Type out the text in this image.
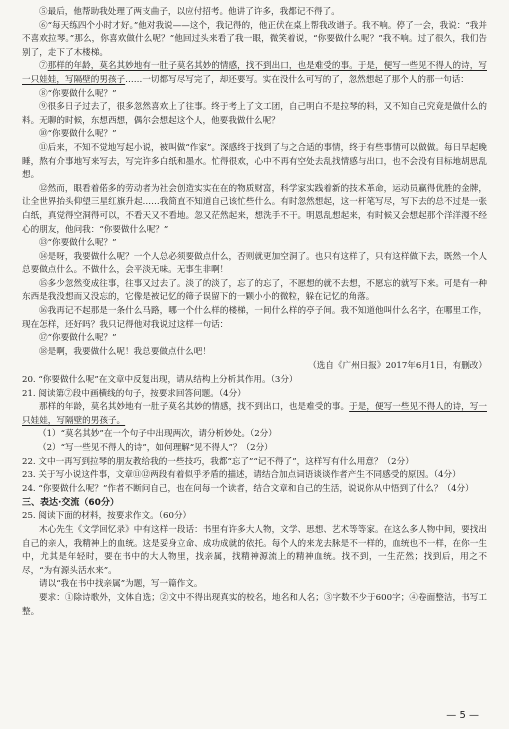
⑤最后，他帮助我处理了两支曲子，以应付招考。他讲了许多，我都记不得了。

⑥“每天练四个小时才好。”他对我说——这个，我记得的，他正伏在桌上帮我改谱子。我不响。停了一会，我说：“我并不喜欢拉琴。”那么，你喜欢做什么呢？”他回过头来看了我一眼，微笑着说，“你要做什么呢？”我不响。过了很久，我们告别了，走下了木楼梯。

⑦那样的年龄，莫名其妙地有一肚子莫名其妙的情感，找不到出口，也是难受的事。于是，便写一些见不得人的诗，写一只娃娃，写隔壁的男孩子……一切都写尽写完了，却还要写。实在没什么可写的了，忽然想起了那个人的那一句话：

⑧“你要做什么呢？”

⑨很多日子过去了，很多忽然喜欢上了往事。终于考上了文工团，自己明白不是拉琴的料，又不知自己究竟是做什么的料。无聊的时候，东想西想，偶尔会想起这个人，他要我做什么呢？

⑩“你要做什么呢？”

⑪后来，不知不觉地写起小说，被叫做“作家”。深感终于找到了与之合适的事情，终于有些事情可以做做。每日早起晚睡，熬有介事地写来写去，写完许多白纸和墨水。忙得很欢，心中不再有空处去乱找情感与出口，也不会没有目标地胡思乱想。

⑫然而，眼看着偌多的劳动者为社会创造实实在在的物质财富，科学家实践着新的技术革命，运动员赢得优胜的金牌，让全世界抬头仰望三星红旗升起……我简直不知道自己该忙些什么。有时忽然想起，这一杆笔写尽，写下去的总不过是一张白纸，真觉得空洞得可以，不看天又不看地。忽又茫然起来，想洗手不干。明恩乱想起来，有时候又会想起那个洋洋漫不经心的朋友，他问我：“你要做什么呢？”

⑬“你要做什么呢？”

⑭是呀，我要做什么呢？一个人总必须要做点什么，否则就更加空洞了。也只有这样了，只有这样做下去，既然一个人总要做点什么。不做什么，会平淡无味。无事生非啊！

⑮多少忽然变成往事，往事又过去了。淡了的淡了，忘了的忘了，不愿想的就不去想，不愿忘的就写下来。可是有一种东西是我没想而又没忘的，它像是被记忆的筛子误留下的一颗小小的微粒，躲在记忆的角落。

⑯我再记不起那是一条什么马路，哪一个什么样的楼梯，一间什么样的亭子间。我不知道他叫什么名字，在哪里工作，现在怎样，还好吗？我只记得他对我说过这样一句话：

⑰“你要做什么呢？”

⑱是啊，我要做什么呢！我总要做点什么吧！

（选自《广州日报》2017年6月1日，有删改）

20. “你要做什么呢”在文章中反复出现，请从结构上分析其作用。（3分）

21. 阅读第⑦段中画横线的句子，按要求回答问题。（4分）

那样的年龄，莫名其妙地有一肚子莫名其妙的情感，找不到出口，也是难受的事。于是，便写一些见不得人的诗，写一只娃娃，写隔壁的男孩子。

（1）“莫名其妙”在一个句子中出现两次，请分析妙处。（2分）

（2）“写一些见不得人的诗”，如何理解“见不得人”？（2分）

22. 文中一再写到拉琴的朋友教给我的一些技巧，我都“忘了”“记不得了”，这样写有什么用意？（2分）

23. 关于写小说这件事，文章⑪⑫两段有着似乎矛盾的描述，请结合加点词语谈谈作者产生不同感受的原因。（4分）

24. “你要做什么呢？”作者不断问自己，也在问每一个读者，结合文章和自己的生活，说说你从中悟到了什么？（4分）

三、表达·交流（60分）

25. 阅读下面的材料，按要求作文。（60分）

木心先生《文学回忆录》中有这样一段话：书里有许多大人物，文学、思想、艺术等等家。在这么多人物中间，要找出自己的亲人，我精神上的血统。这是妥身立命、成功成就的依托。每个人的来龙去脉是不一样的，血统也不一样，在你一生中，尤其是年轻时，要在书中的大人物里，找亲属，找精神源流上的精神血统。找不到，一生茫然；找到后，用之不尽，“为有源头活水来”。

请以“我在书中找亲属”为题，写一篇作文。

要求：①除诗歌外，文体自选；②文中不得出现真实的校名，地名和人名；③字数不少于600字；④卷面整洁，书写工整。

— 5 —
